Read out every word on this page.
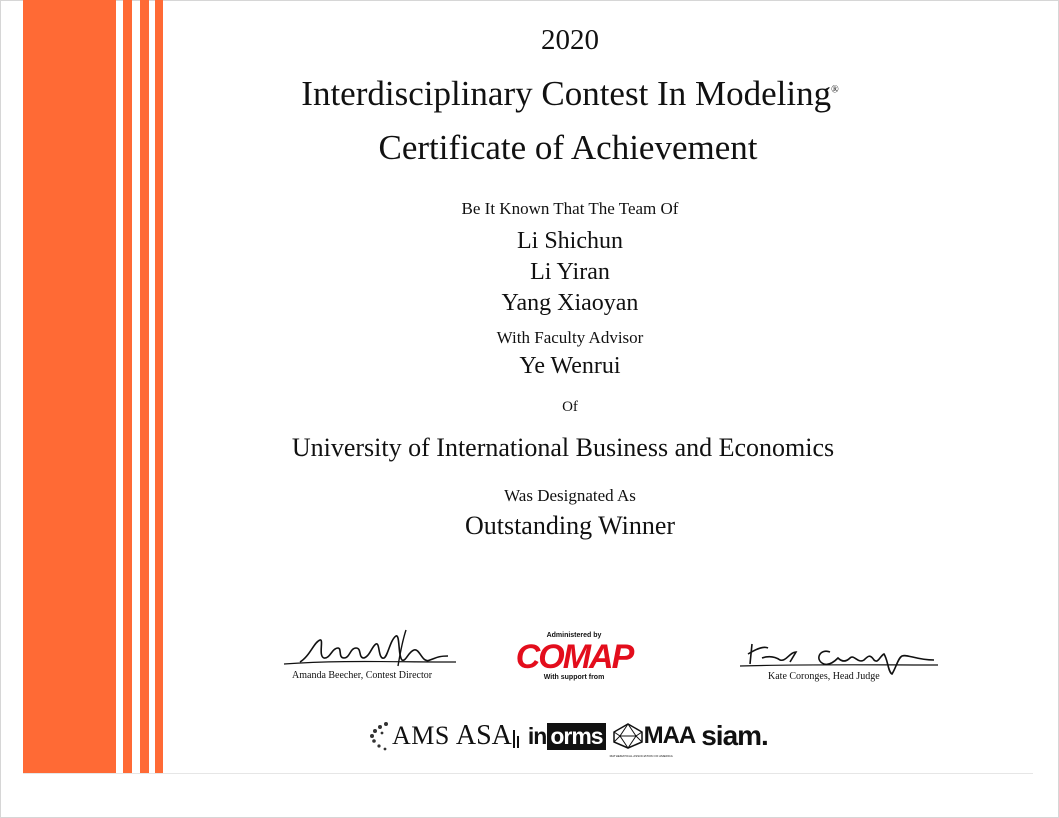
2020
Interdisciplinary Contest In Modeling®
Certificate of Achievement
Be It Known That The Team Of
Li Shichun
Li Yiran
Yang Xiaoyan
With Faculty Advisor
Ye Wenrui
Of
University of International Business and Economics
Was Designated As
Outstanding Winner
Amanda Beecher, Contest Director
Administered by
COMAP
With support from	Kate Coronges, Head Judge
AMS ASA in orms MAA
MATHEMATICAL ASSOCIATION OF AMERICA
siam.
